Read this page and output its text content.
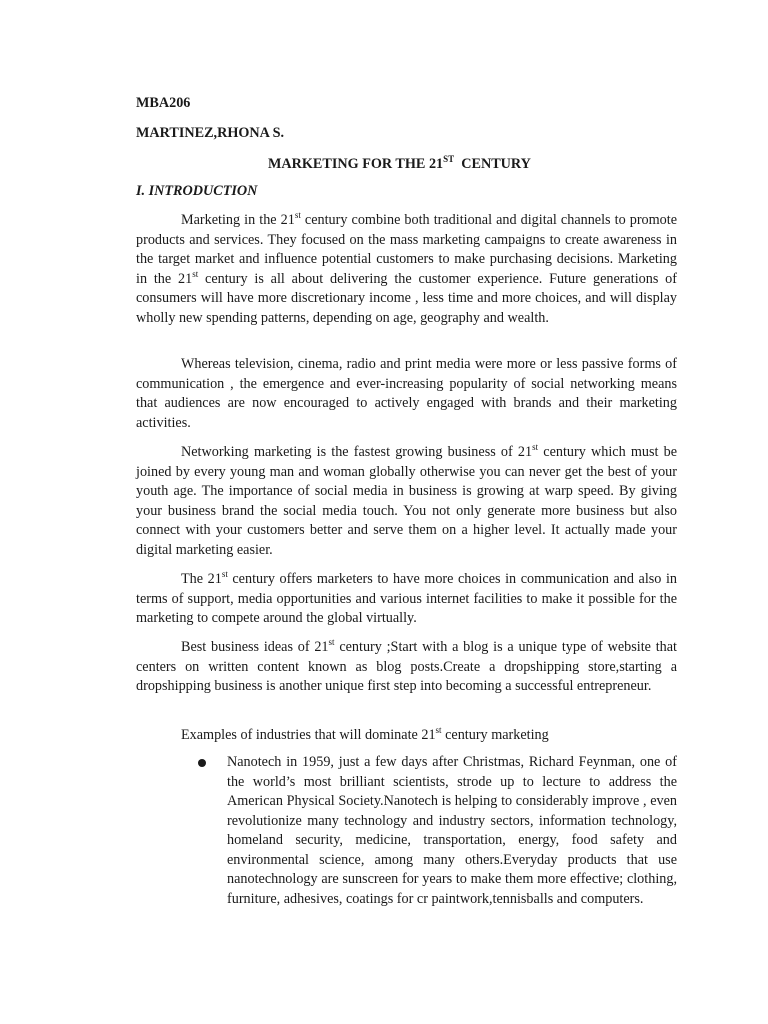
MBA206
MARTINEZ,RHONA S.
MARKETING FOR THE 21ST  CENTURY
I. INTRODUCTION

Marketing in the 21st century combine both traditional and digital channels to promote products and services. They focused on the mass marketing campaigns to create awareness in the target market and influence potential customers to make purchasing decisions. Marketing in the 21st century is all about delivering the customer experience. Future generations of consumers will have more discretionary income , less time and more choices, and will display wholly new spending patterns, depending on age, geography and wealth.

Whereas television, cinema, radio and print media were more or less passive forms of communication , the emergence and ever-increasing popularity of social networking means that audiences are now encouraged to actively engaged with brands and their marketing activities.

Networking marketing is the fastest growing business of 21st century which must be joined by every young man and woman globally otherwise you can never get the best of your youth age. The importance of social media in business is growing at warp speed. By giving your business brand the social media touch. You not only generate more business but also connect with your customers better and serve them on a higher level. It actually made your digital marketing easier.

The 21st century offers marketers to have more choices in communication and also in terms of support, media opportunities and various internet facilities to make it possible for the marketing to compete around the global virtually.

Best business ideas of 21st century ;Start with a blog is a unique type of website that centers on written content known as blog posts.Create a dropshipping store,starting a dropshipping business is another unique first step into becoming a successful entrepreneur.

Examples of industries that will dominate 21st century marketing

Nanotech in 1959, just a few days after Christmas, Richard Feynman, one of the world’s most brilliant scientists, strode up to lecture to address the American Physical Society.Nanotech is helping to considerably improve , even revolutionize many technology and industry sectors, information technology, homeland security, medicine, transportation, energy, food safety and environmental science, among many others.Everyday products that use nanotechnology are sunscreen for years to make them more effective; clothing, furniture, adhesives, coatings for cr paintwork,tennisballs and computers.
